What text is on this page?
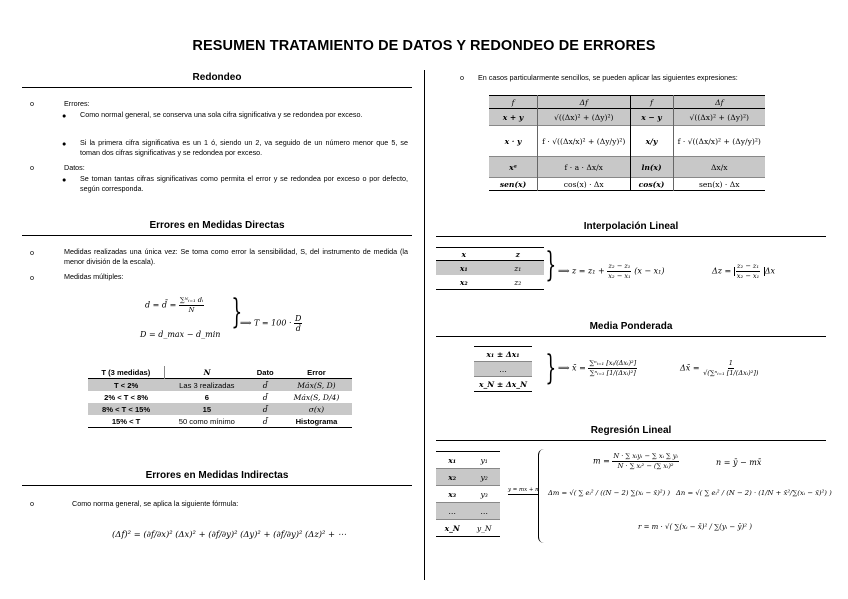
RESUMEN TRATAMIENTO DE DATOS Y REDONDEO DE ERRORES
Redondeo
o	Errores:
● Como normal general, se conserva una sola cifra significativa y se redondea por exceso.
● Si la primera cifra significativa es un 1 ó, siendo un 2, va seguido de un número menor que 5, se toman dos cifras significativas y se redondea por exceso.
o	Datos:
● Se toman tantas cifras significativas como permita el error y se redondea por exceso o por defecto, según corresponda.
Errores en Medidas Directas
o	Medidas realizadas una única vez: Se toma como error la sensibilidad, S, del instrumento de medida (la menor división de la escala).
o	Medidas múltiples:
d = d̄ = $\frac{\text{∑ᴺᵢ₌₁ dᵢ}}{N}$
D = d_max − d_min
}
⟹ $T = 100 \cdot \frac{D}{d̄}$
T (3 medidas)	N	Dato	Error
T < 2%	Las 3 realizadas	d̄	Máx(S, D)
2% < T < 8%	6	d̄	Máx(S, D/4)
8% < T < 15%	15	d̄	σ(x)
15% < T	50 como mínimo	d̄	Histograma
Errores en Medidas Indirectas
o	Como norma general, se aplica la siguiente fórmula:
(Δf)² = (∂f/∂x)² (Δx)² + (∂f/∂y)² (Δy)² + (∂f/∂y)² (Δz)² + ⋯
o En casos particularmente sencillos, se pueden aplicar las siguientes expresiones:
f	Δf	f	Δf
x + y	√((Δx)² + (Δy)²)	x − y	√((Δx)² + (Δy)²)
x · y	f · √((Δx/x)² + (Δy/y)²)	x/y	f · √((Δx/x)² + (Δy/y)²)
xᵃ	f · a · Δx/x	ln(x)	Δx/x
sen(x)	cos(x) · Δx	cos(x)	sen(x) · Δx
Interpolación Lineal
x	z
x₁	z₁
x₂	z₂ } ⟹ $z = z_1 + \frac{\text{z₂ − z₁}}{\text{x₂ − x₁}} (x - x_1)$	$\Delta z = \frac{\text{z₂ − z₁}}{\text{x₂ − x₁}}$ Δx
Media Ponderada
x₁ ± Δx₁
…
x_N ± Δx_N } ⟹ x̄ = $\frac{\text{∑ⁿᵢ₌₁ [xᵢ/(Δxᵢ)²]}}{\text{∑ⁿᵢ₌₁ [1/(Δxᵢ)²]}}$	Δx̄ = $\frac{1}{\text{√(∑ⁿᵢ₌₁ [1/(Δxᵢ)²])}}$
Regresión Lineal
x₁	y₁
x₂	y₂
x₃	y₃
…	…
x_N	y_N
y = mx + n
$m = \frac{\text{N · ∑ xᵢyᵢ − ∑ xᵢ ∑ yᵢ}}{\text{N · ∑ xᵢ² − (∑ xᵢ)²}}$	n = ȳ − mx̄
Δm = √( ∑ eᵢ² / ((N − 2) ∑(xᵢ − x̄)²) ) Δn = √( ∑ eᵢ² / (N − 2) · (1/N + x̄²/∑(xᵢ − x̄)²) )
r = m · √( ∑(xᵢ − x̄)² / ∑(yᵢ − ȳ)² )
